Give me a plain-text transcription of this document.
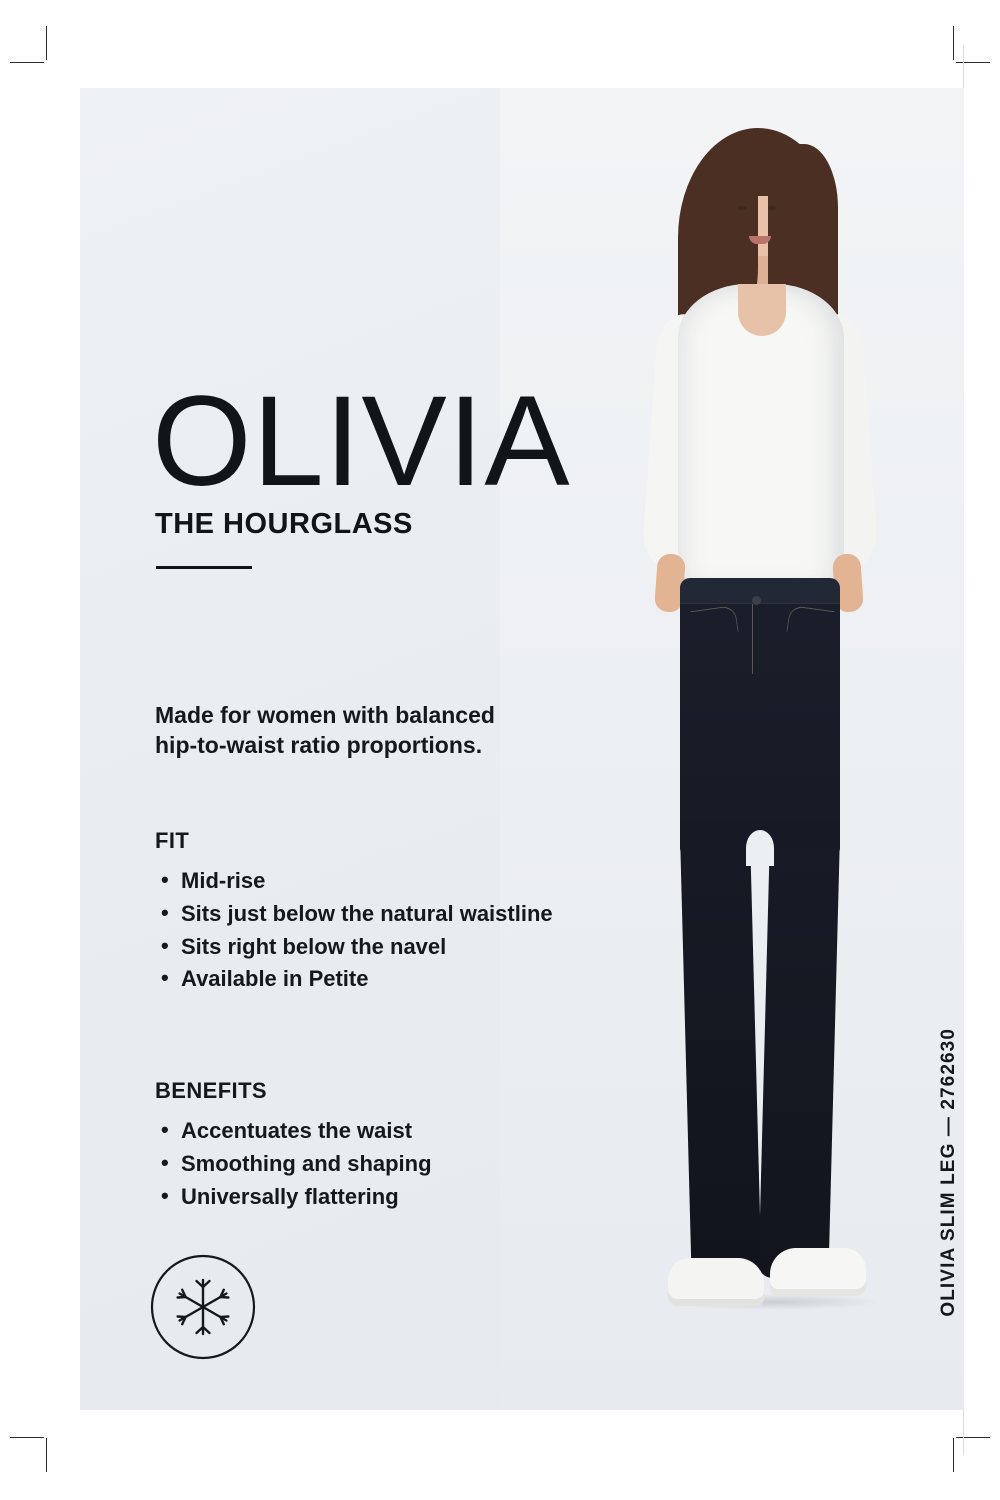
OLIVIA
THE HOURGLASS
Made for women with balanced hip-to-waist ratio proportions.
FIT
• Mid-rise
• Sits just below the natural waistline
• Sits right below the navel
• Available in Petite
BENEFITS
• Accentuates the waist
• Smoothing and shaping
• Universally flattering	OLIVIA SLIM LEG — 2762630
